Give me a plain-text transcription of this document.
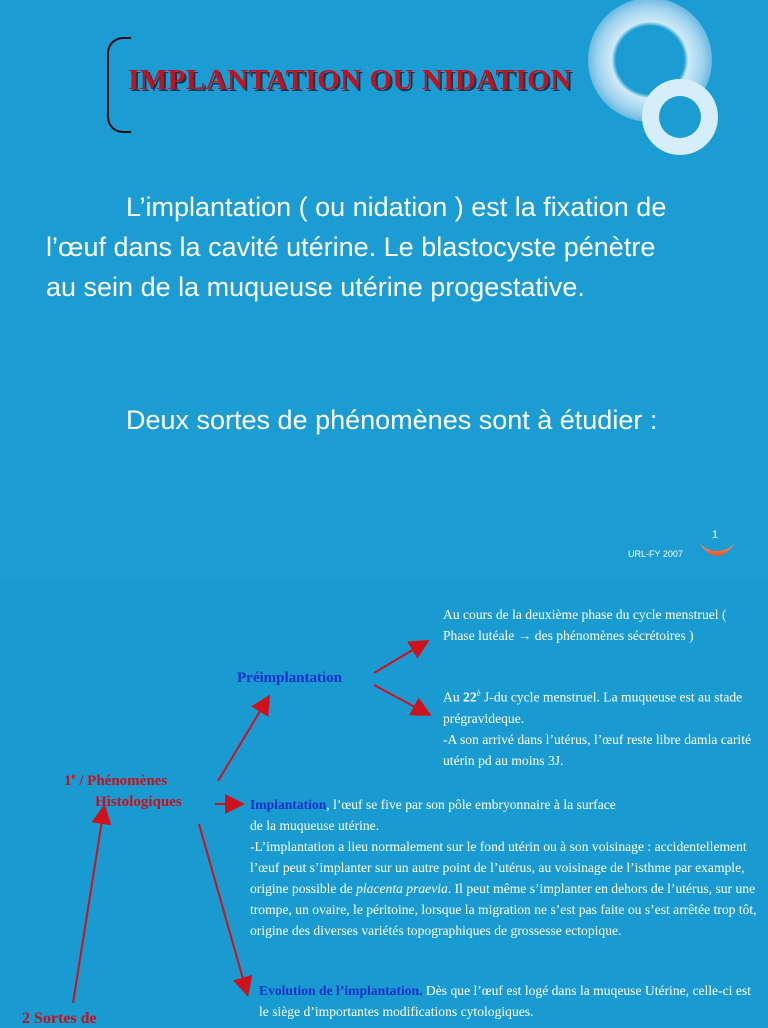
IMPLANTATION OU NIDATION
L’implantation ( ou nidation ) est la fixation de l’œuf dans la cavité utérine. Le blastocyste pénètre au sein de la muqueuse utérine progestative.
Deux sortes de phénomènes sont à étudier :
1
URL-FY 2007
1e / Phénomènes
Histologiques
2 Sortes de
Préimplantation
Au cours de la deuxième phase du cycle menstruel ( Phase lutéale → des phénomènes sécrétoires )
Au $22^è$ J-du cycle menstruel. La muqueuse est au stade prégravideque.
-A son arrivé dans l’utérus, l’œuf reste libre damla carité utérin pd au moins 3J.
Implantation, l’œuf se five par son pôle embryonnaire à la surface
de la muqueuse utérine.
-L’implantation a lieu normalement sur le fond utérin ou à son voisinage : accidentellement l’œuf peut s’implanter sur un autre point de l’utérus, au voisinage de l’isthme par example, origine possible de placenta praevia. Il peut même s’implanter en dehors de l’utérus, sur une trompe, un ovaire, le péritoine, lorsque la migration ne s’est pas faite ou s’est arrêtée trop tôt, origine des diverses variétés topographiques de grossesse ectopique.
Evolution de l’implantation. Dès que l’œuf est logé dans la muqeuse Utérine, celle-ci est le siège d’importantes modifications cytologiques.
